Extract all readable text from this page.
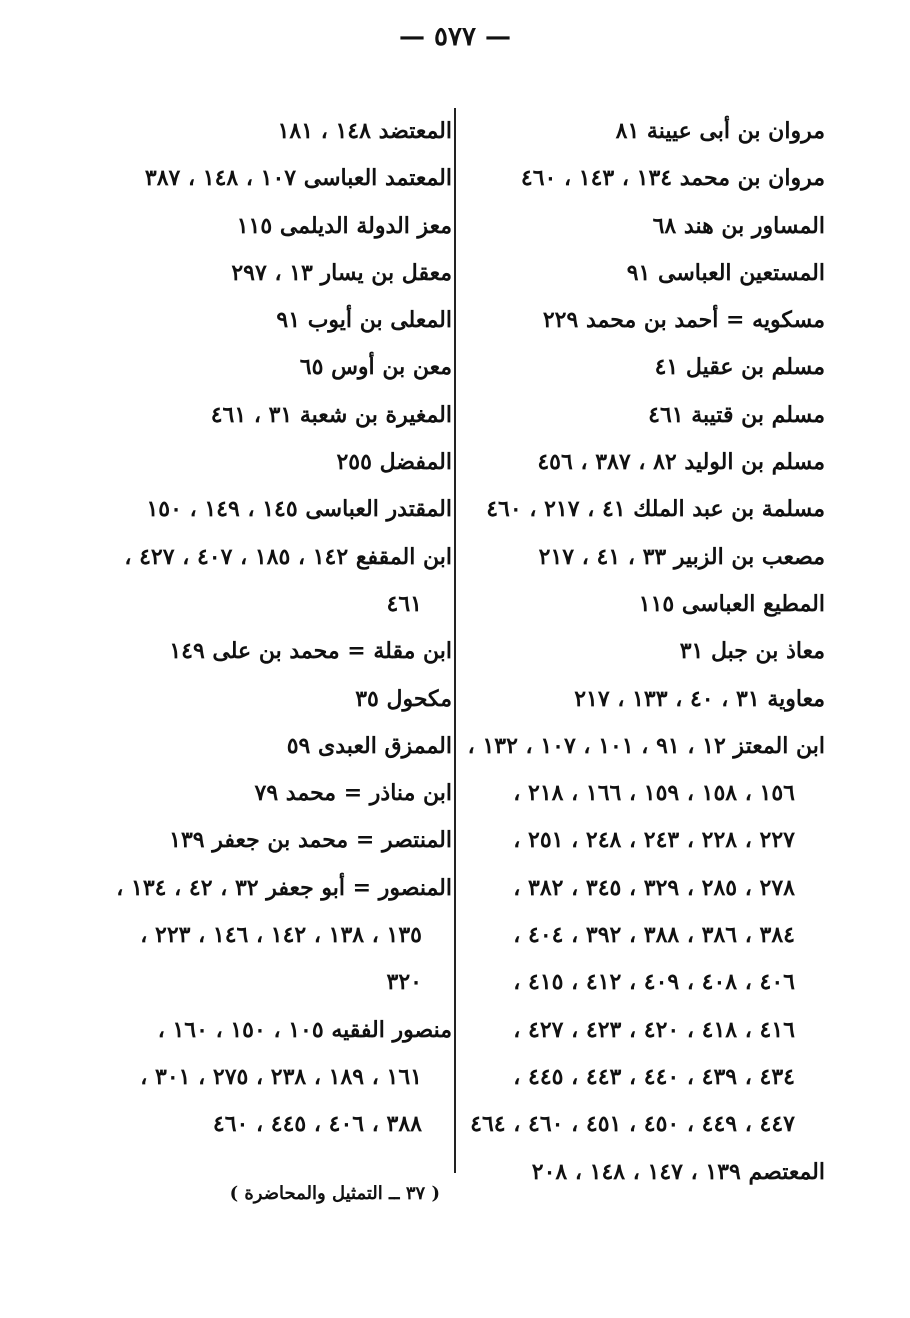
— ٥٧٧ —
مروان بن أبى عيينة ٨١
مروان بن محمد ١٣٤ ، ١٤٣ ، ٤٦٠
المساور بن هند ٦٨
المستعين العباسى ٩١
مسكويه = أحمد بن محمد ٢٢٩
مسلم بن عقيل ٤١
مسلم بن قتيبة ٤٦١
مسلم بن الوليد ٨٢ ، ٣٨٧ ، ٤٥٦
مسلمة بن عبد الملك ٤١ ، ٢١٧ ، ٤٦٠
مصعب بن الزبير ٣٣ ، ٤١ ، ٢١٧
المطيع العباسى ١١٥
معاذ بن جبل ٣١
معاوية ٣١ ، ٤٠ ، ١٣٣ ، ٢١٧
ابن المعتز ١٢ ، ٩١ ، ١٠١ ، ١٠٧ ، ١٣٢ ،
١٥٦ ، ١٥٨ ، ١٥٩ ، ١٦٦ ، ٢١٨ ،
٢٢٧ ، ٢٢٨ ، ٢٤٣ ، ٢٤٨ ، ٢٥١ ،
٢٧٨ ، ٢٨٥ ، ٣٢٩ ، ٣٤٥ ، ٣٨٢ ،
٣٨٤ ، ٣٨٦ ، ٣٨٨ ، ٣٩٢ ، ٤٠٤ ،
٤٠٦ ، ٤٠٨ ، ٤٠٩ ، ٤١٢ ، ٤١٥ ،
٤١٦ ، ٤١٨ ، ٤٢٠ ، ٤٢٣ ، ٤٢٧ ،
٤٣٤ ، ٤٣٩ ، ٤٤٠ ، ٤٤٣ ، ٤٤٥ ،
٤٤٧ ، ٤٤٩ ، ٤٥٠ ، ٤٥١ ، ٤٦٠ ، ٤٦٤
المعتصم ١٣٩ ، ١٤٧ ، ١٤٨ ، ٢٠٨
المعتضد ١٤٨ ، ١٨١
المعتمد العباسى ١٠٧ ، ١٤٨ ، ٣٨٧
معز الدولة الديلمى ١١٥
معقل بن يسار ١٣ ، ٢٩٧
المعلى بن أيوب ٩١
معن بن أوس ٦٥
المغيرة بن شعبة ٣١ ، ٤٦١
المفضل ٢٥٥
المقتدر العباسى ١٤٥ ، ١٤٩ ، ١٥٠
ابن المقفع ١٤٢ ، ١٨٥ ، ٤٠٧ ، ٤٢٧ ،
٤٦١
ابن مقلة = محمد بن على ١٤٩
مكحول ٣٥
الممزق العبدى ٥٩
ابن مناذر = محمد ٧٩
المنتصر = محمد بن جعفر ١٣٩
المنصور = أبو جعفر ٣٢ ، ٤٢ ، ١٣٤ ،
١٣٥ ، ١٣٨ ، ١٤٢ ، ١٤٦ ، ٢٢٣ ،
٣٢٠
منصور الفقيه ١٠٥ ، ١٥٠ ، ١٦٠ ،
١٦١ ، ١٨٩ ، ٢٣٨ ، ٢٧٥ ، ٣٠١ ،
٣٨٨ ، ٤٠٦ ، ٤٤٥ ، ٤٦٠
( ٣٧ ــ التمثيل والمحاضرة )
